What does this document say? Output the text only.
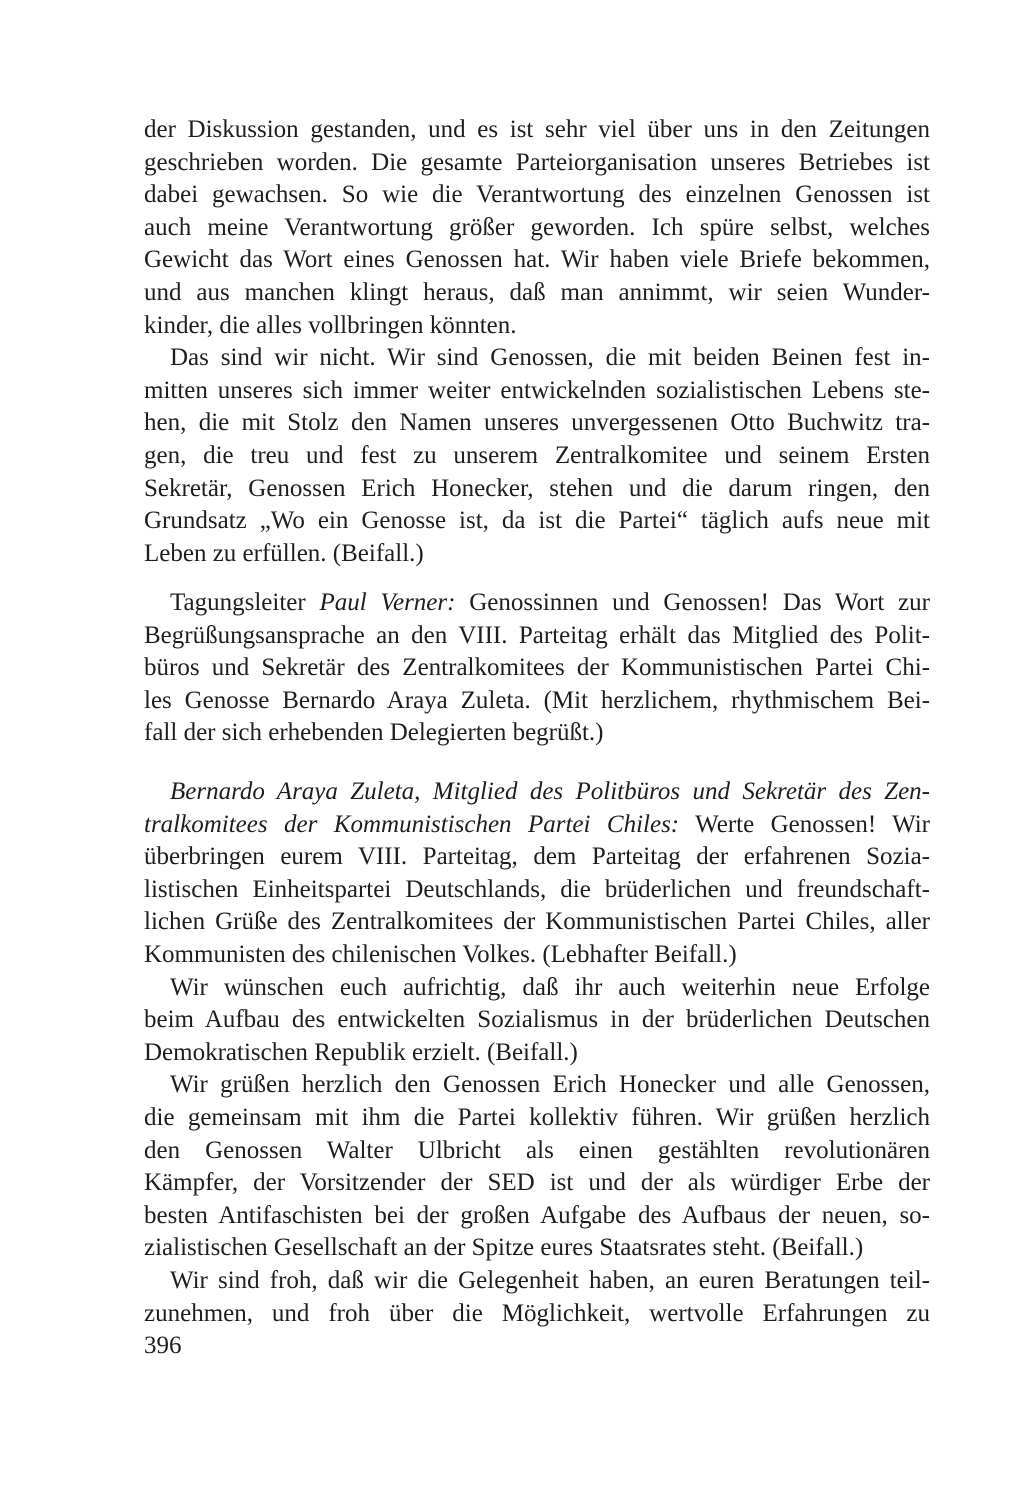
der Diskussion gestanden, und es ist sehr viel über uns in den Zeitungen
geschrieben worden. Die gesamte Parteiorganisation unseres Betriebes ist
dabei gewachsen. So wie die Verantwortung des einzelnen Genossen ist
auch meine Verantwortung größer geworden. Ich spüre selbst, welches
Gewicht das Wort eines Genossen hat. Wir haben viele Briefe bekommen,
und aus manchen klingt heraus, daß man annimmt, wir seien Wunder-
kinder, die alles vollbringen könnten.
Das sind wir nicht. Wir sind Genossen, die mit beiden Beinen fest in-
mitten unseres sich immer weiter entwickelnden sozialistischen Lebens ste-
hen, die mit Stolz den Namen unseres unvergessenen Otto Buchwitz tra-
gen, die treu und fest zu unserem Zentralkomitee und seinem Ersten
Sekretär, Genossen Erich Honecker, stehen und die darum ringen, den
Grundsatz „Wo ein Genosse ist, da ist die Partei“ täglich aufs neue mit
Leben zu erfüllen. (Beifall.)
Tagungsleiter Paul Verner: Genossinnen und Genossen! Das Wort zur
Begrüßungsansprache an den VIII. Parteitag erhält das Mitglied des Polit-
büros und Sekretär des Zentralkomitees der Kommunistischen Partei Chi-
les Genosse Bernardo Araya Zuleta. (Mit herzlichem, rhythmischem Bei-
fall der sich erhebenden Delegierten begrüßt.)
Bernardo Araya Zuleta, Mitglied des Politbüros und Sekretär des Zen-
tralkomitees der Kommunistischen Partei Chiles: Werte Genossen! Wir
überbringen eurem VIII. Parteitag, dem Parteitag der erfahrenen Sozia-
listischen Einheitspartei Deutschlands, die brüderlichen und freundschaft-
lichen Grüße des Zentralkomitees der Kommunistischen Partei Chiles, aller
Kommunisten des chilenischen Volkes. (Lebhafter Beifall.)
Wir wünschen euch aufrichtig, daß ihr auch weiterhin neue Erfolge
beim Aufbau des entwickelten Sozialismus in der brüderlichen Deutschen
Demokratischen Republik erzielt. (Beifall.)
Wir grüßen herzlich den Genossen Erich Honecker und alle Genossen,
die gemeinsam mit ihm die Partei kollektiv führen. Wir grüßen herzlich
den Genossen Walter Ulbricht als einen gestählten revolutionären
Kämpfer, der Vorsitzender der SED ist und der als würdiger Erbe der
besten Antifaschisten bei der großen Aufgabe des Aufbaus der neuen, so-
zialistischen Gesellschaft an der Spitze eures Staatsrates steht. (Beifall.)
Wir sind froh, daß wir die Gelegenheit haben, an euren Beratungen teil-
zunehmen, und froh über die Möglichkeit, wertvolle Erfahrungen zu
396
